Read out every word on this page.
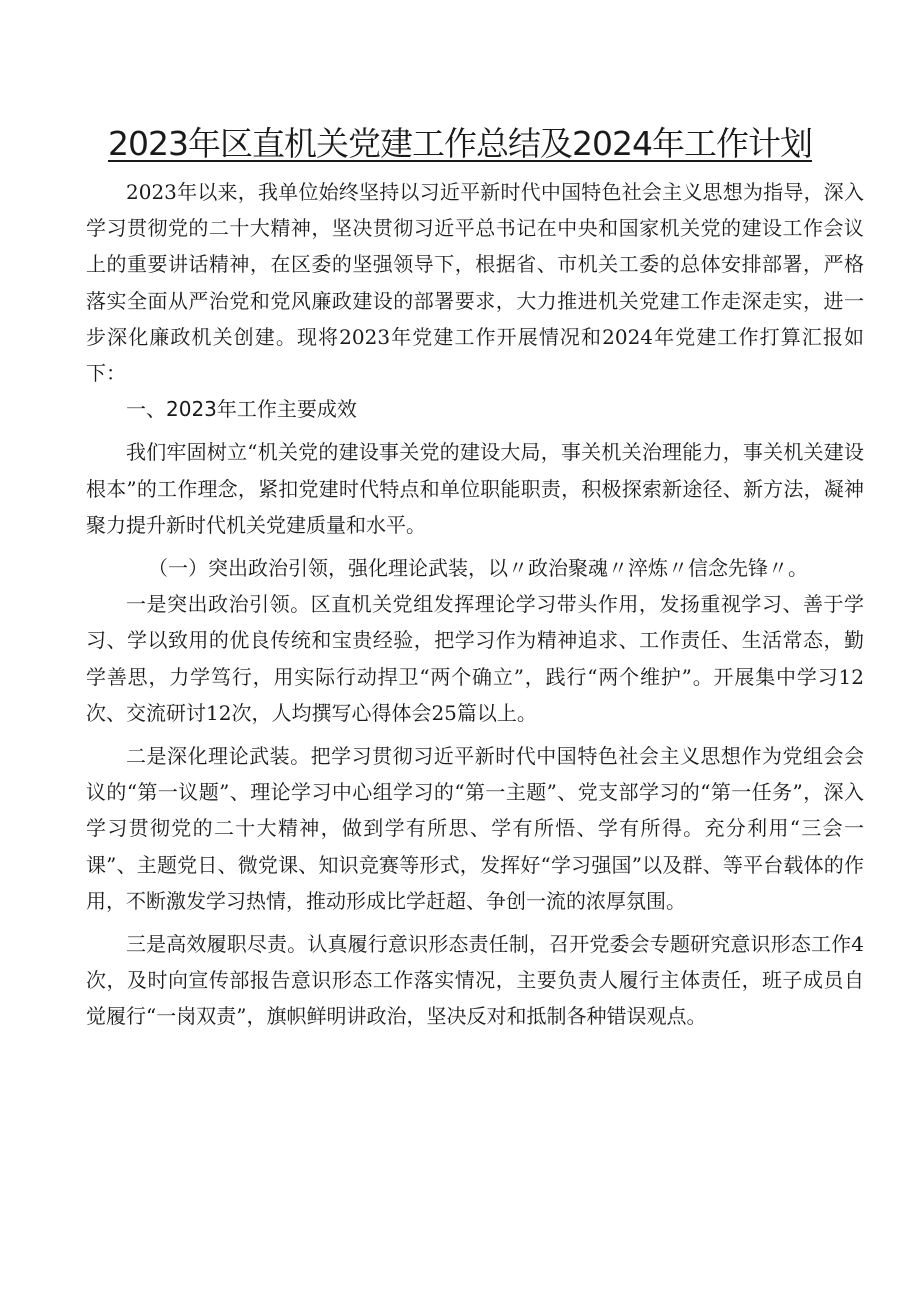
2023年区直机关党建工作总结及2024年工作计划

2023年以来，我单位始终坚持以习近平新时代中国特色社会主义思想为指导，深入学习贯彻党的二十大精神，坚决贯彻习近平总书记在中央和国家机关党的建设工作会议上的重要讲话精神，在区委的坚强领导下，根据省、市机关工委的总体安排部署，严格落实全面从严治党和党风廉政建设的部署要求，大力推进机关党建工作走深走实，进一步深化廉政机关创建。现将2023年党建工作开展情况和2024年党建工作打算汇报如下：

一、2023年工作主要成效

我们牢固树立“机关党的建设事关党的建设大局，事关机关治理能力，事关机关建设根本”的工作理念，紧扣党建时代特点和单位职能职责，积极探索新途径、新方法，凝神聚力提升新时代机关党建质量和水平。

（一）突出政治引领，强化理论武装，以〃政治聚魂〃淬炼〃信念先锋〃。

一是突出政治引领。区直机关党组发挥理论学习带头作用，发扬重视学习、善于学习、学以致用的优良传统和宝贵经验，把学习作为精神追求、工作责任、生活常态，勤学善思，力学笃行，用实际行动捍卫“两个确立”，践行“两个维护”。开展集中学习12次、交流研讨12次，人均撰写心得体会25篇以上。

二是深化理论武装。把学习贯彻习近平新时代中国特色社会主义思想作为党组会会议的“第一议题”、理论学习中心组学习的“第一主题”、党支部学习的“第一任务”，深入学习贯彻党的二十大精神，做到学有所思、学有所悟、学有所得。充分利用“三会一课”、主题党日、微党课、知识竞赛等形式，发挥好“学习强国”以及群、等平台载体的作用，不断激发学习热情，推动形成比学赶超、争创一流的浓厚氛围。

三是高效履职尽责。认真履行意识形态责任制，召开党委会专题研究意识形态工作4次，及时向宣传部报告意识形态工作落实情况，主要负责人履行主体责任，班子成员自觉履行“一岗双责”，旗帜鲜明讲政治，坚决反对和抵制各种错误观点。
